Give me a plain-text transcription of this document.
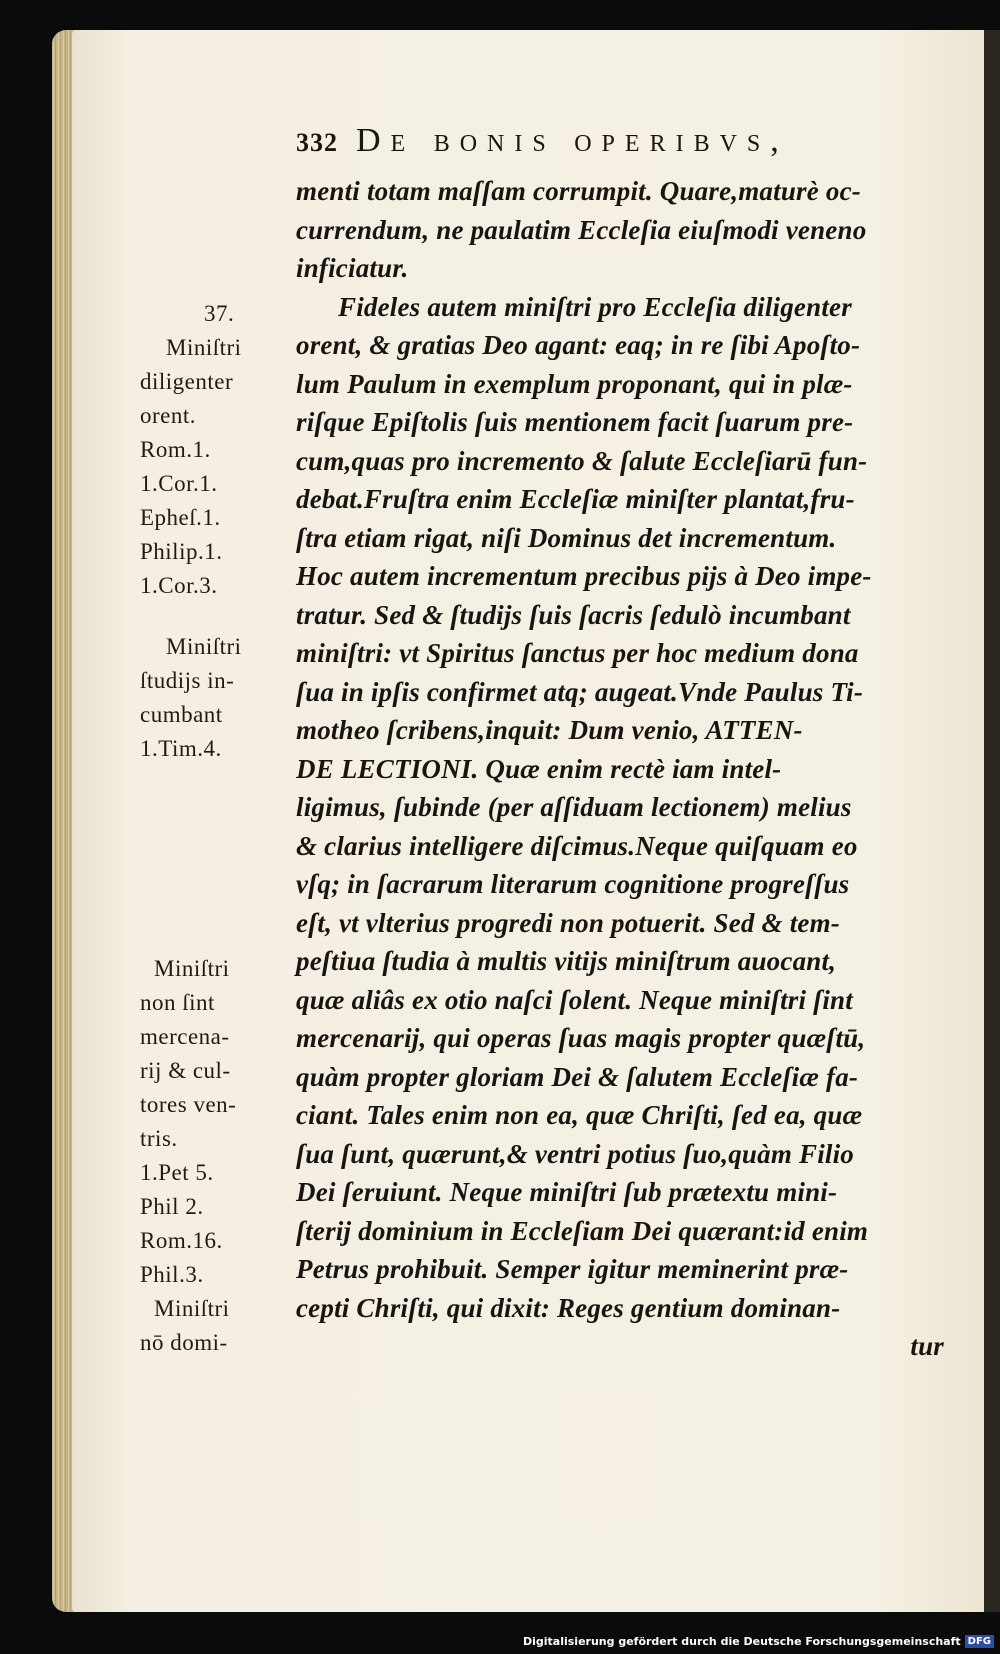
332 De bonis operibvs,
menti totam maſſam corrumpit. Quare,maturè oc-
currendum, ne paulatim Eccleſia eiuſmodi veneno
inficiatur.
Fideles autem miniſtri pro Eccleſia diligenter
orent, & gratias Deo agant: eaq; in re ſibi Apoſto-
lum Paulum in exemplum proponant, qui in plæ-
riſque Epiſtolis ſuis mentionem facit ſuarum pre-
cum,quas pro incremento & ſalute Eccleſiarū fun-
debat.Fruſtra enim Eccleſiæ miniſter plantat,fru-
ſtra etiam rigat, niſi Dominus det incrementum.
Hoc autem incrementum precibus pijs à Deo impe-
tratur. Sed & ſtudijs ſuis ſacris ſedulò incumbant
miniſtri: vt Spiritus ſanctus per hoc medium dona
ſua in ipſis confirmet atq; augeat.Vnde Paulus Ti-
motheo ſcribens,inquit: Dum venio, ATTEN-
DE LECTIONI. Quæ enim rectè iam intel-
ligimus, ſubinde (per aſſiduam lectionem) melius
& clarius intelligere diſcimus.Neque quiſquam eo
vſq; in ſacrarum literarum cognitione progreſſus
eſt, vt vlterius progredi non potuerit. Sed & tem-
peſtiua ſtudia à multis vitijs miniſtrum auocant,
quæ aliâs ex otio naſci ſolent. Neque miniſtri ſint
mercenarij, qui operas ſuas magis propter quæſtū,
quàm propter gloriam Dei & ſalutem Eccleſiæ fa-
ciant. Tales enim non ea, quæ Chriſti, ſed ea, quæ
ſua ſunt, quærunt,& ventri potius ſuo,quàm Filio
Dei ſeruiunt. Neque miniſtri ſub prætextu mini-
ſterij dominium in Eccleſiam Dei quærant:id enim
Petrus prohibuit. Semper igitur meminerint præ-
cepti Chriſti, qui dixit: Reges gentium dominan-
tur
37.
Miniſtri
diligenter
orent.
Rom.1.
1.Cor.1.
Epheſ.1.
Philip.1.
1.Cor.3.
Miniſtri
ſtudijs in-
cumbant
1.Tim.4.
Miniſtri
non ſint
mercena-
rij & cul-
tores ven-
tris.
1.Pet 5.
Phil 2.
Rom.16.
Phil.3.
Miniſtri
nō domi-
Digitalisierung gefördert durch die Deutsche Forschungsgemeinschaft DFG
